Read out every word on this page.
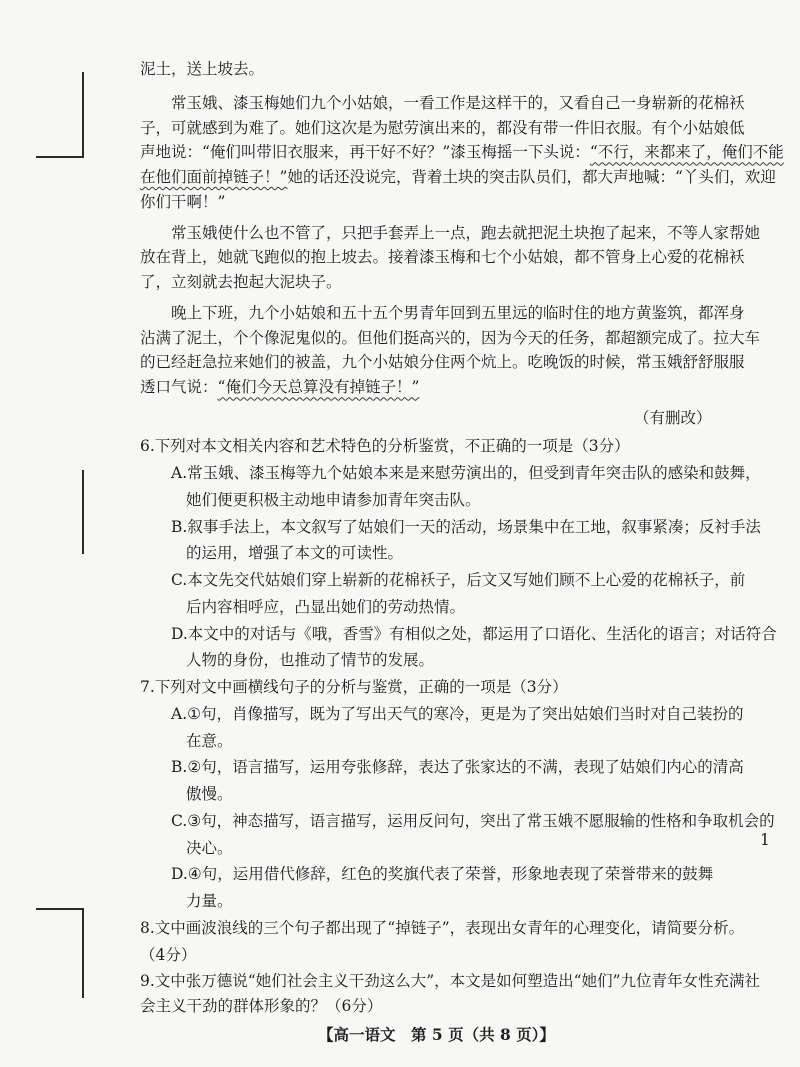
1
泥土，送上坡去。
常玉娥、漆玉梅她们九个小姑娘，一看工作是这样干的，又看自己一身崭新的花棉袄
子，可就感到为难了。她们这次是为慰劳演出来的，都没有带一件旧衣服。有个小姑娘低
声地说：“俺们叫带旧衣服来，再干好不好？”漆玉梅摇一下头说：“不行，来都来了，俺们不能
在他们面前掉链子！”她的话还没说完，背着土块的突击队员们，都大声地喊：“丫头们，欢迎
你们干啊！”
常玉娥使什么也不管了，只把手套弄上一点，跑去就把泥土块抱了起来，不等人家帮她
放在背上，她就飞跑似的抱上坡去。接着漆玉梅和七个小姑娘，都不管身上心爱的花棉袄
了，立刻就去抱起大泥块子。
晚上下班，九个小姑娘和五十五个男青年回到五里远的临时住的地方黄鉴筑，都浑身
沾满了泥土，个个像泥鬼似的。但他们挺高兴的，因为今天的任务，都超额完成了。拉大车
的已经赶急拉来她们的被盖，九个小姑娘分住两个炕上。吃晚饭的时候，常玉娥舒舒服服
透口气说：“俺们今天总算没有掉链子！”
（有删改）
6.下列对本文相关内容和艺术特色的分析鉴赏，不正确的一项是（3分）
A.常玉娥、漆玉梅等九个姑娘本来是来慰劳演出的，但受到青年突击队的感染和鼓舞，
她们便更积极主动地申请参加青年突击队。
B.叙事手法上，本文叙写了姑娘们一天的活动，场景集中在工地，叙事紧凑；反衬手法
的运用，增强了本文的可读性。
C.本文先交代姑娘们穿上崭新的花棉袄子，后文又写她们顾不上心爱的花棉袄子，前
后内容相呼应，凸显出她们的劳动热情。
D.本文中的对话与《哦，香雪》有相似之处，都运用了口语化、生活化的语言；对话符合
人物的身份，也推动了情节的发展。
7.下列对文中画横线句子的分析与鉴赏，正确的一项是（3分）
A.①句，肖像描写，既为了写出天气的寒冷，更是为了突出姑娘们当时对自己装扮的
在意。
B.②句，语言描写，运用夸张修辞，表达了张家达的不满，表现了姑娘们内心的清高
傲慢。
C.③句，神态描写，语言描写，运用反问句，突出了常玉娥不愿服输的性格和争取机会的
决心。
D.④句，运用借代修辞，红色的奖旗代表了荣誉，形象地表现了荣誉带来的鼓舞
力量。
8.文中画波浪线的三个句子都出现了“掉链子”，表现出女青年的心理变化，请简要分析。
（4分）
9.文中张万德说“她们社会主义干劲这么大”，本文是如何塑造出“她们”九位青年女性充满社
会主义干劲的群体形象的？（6分）
【高一语文　第 5 页（共 8 页）】
